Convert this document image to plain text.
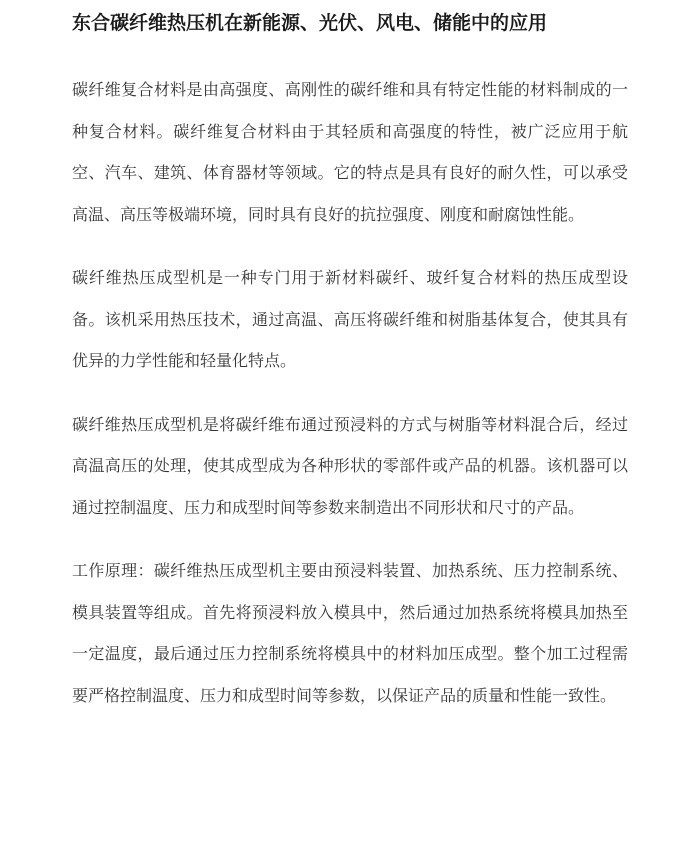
东合碳纤维热压机在新能源、光伏、风电、储能中的应用

碳纤维复合材料是由高强度、高刚性的碳纤维和具有特定性能的材料制成的一种复合材料。碳纤维复合材料由于其轻质和高强度的特性，被广泛应用于航空、汽车、建筑、体育器材等领域。它的特点是具有良好的耐久性，可以承受高温、高压等极端环境，同时具有良好的抗拉强度、刚度和耐腐蚀性能。

碳纤维热压成型机是一种专门用于新材料碳纤、玻纤复合材料的热压成型设备。该机采用热压技术，通过高温、高压将碳纤维和树脂基体复合，使其具有优异的力学性能和轻量化特点。

碳纤维热压成型机是将碳纤维布通过预浸料的方式与树脂等材料混合后，经过高温高压的处理，使其成型成为各种形状的零部件或产品的机器。该机器可以通过控制温度、压力和成型时间等参数来制造出不同形状和尺寸的产品。

工作原理：碳纤维热压成型机主要由预浸料装置、加热系统、压力控制系统、模具装置等组成。首先将预浸料放入模具中，然后通过加热系统将模具加热至一定温度，最后通过压力控制系统将模具中的材料加压成型。整个加工过程需要严格控制温度、压力和成型时间等参数，以保证产品的质量和性能一致性。
